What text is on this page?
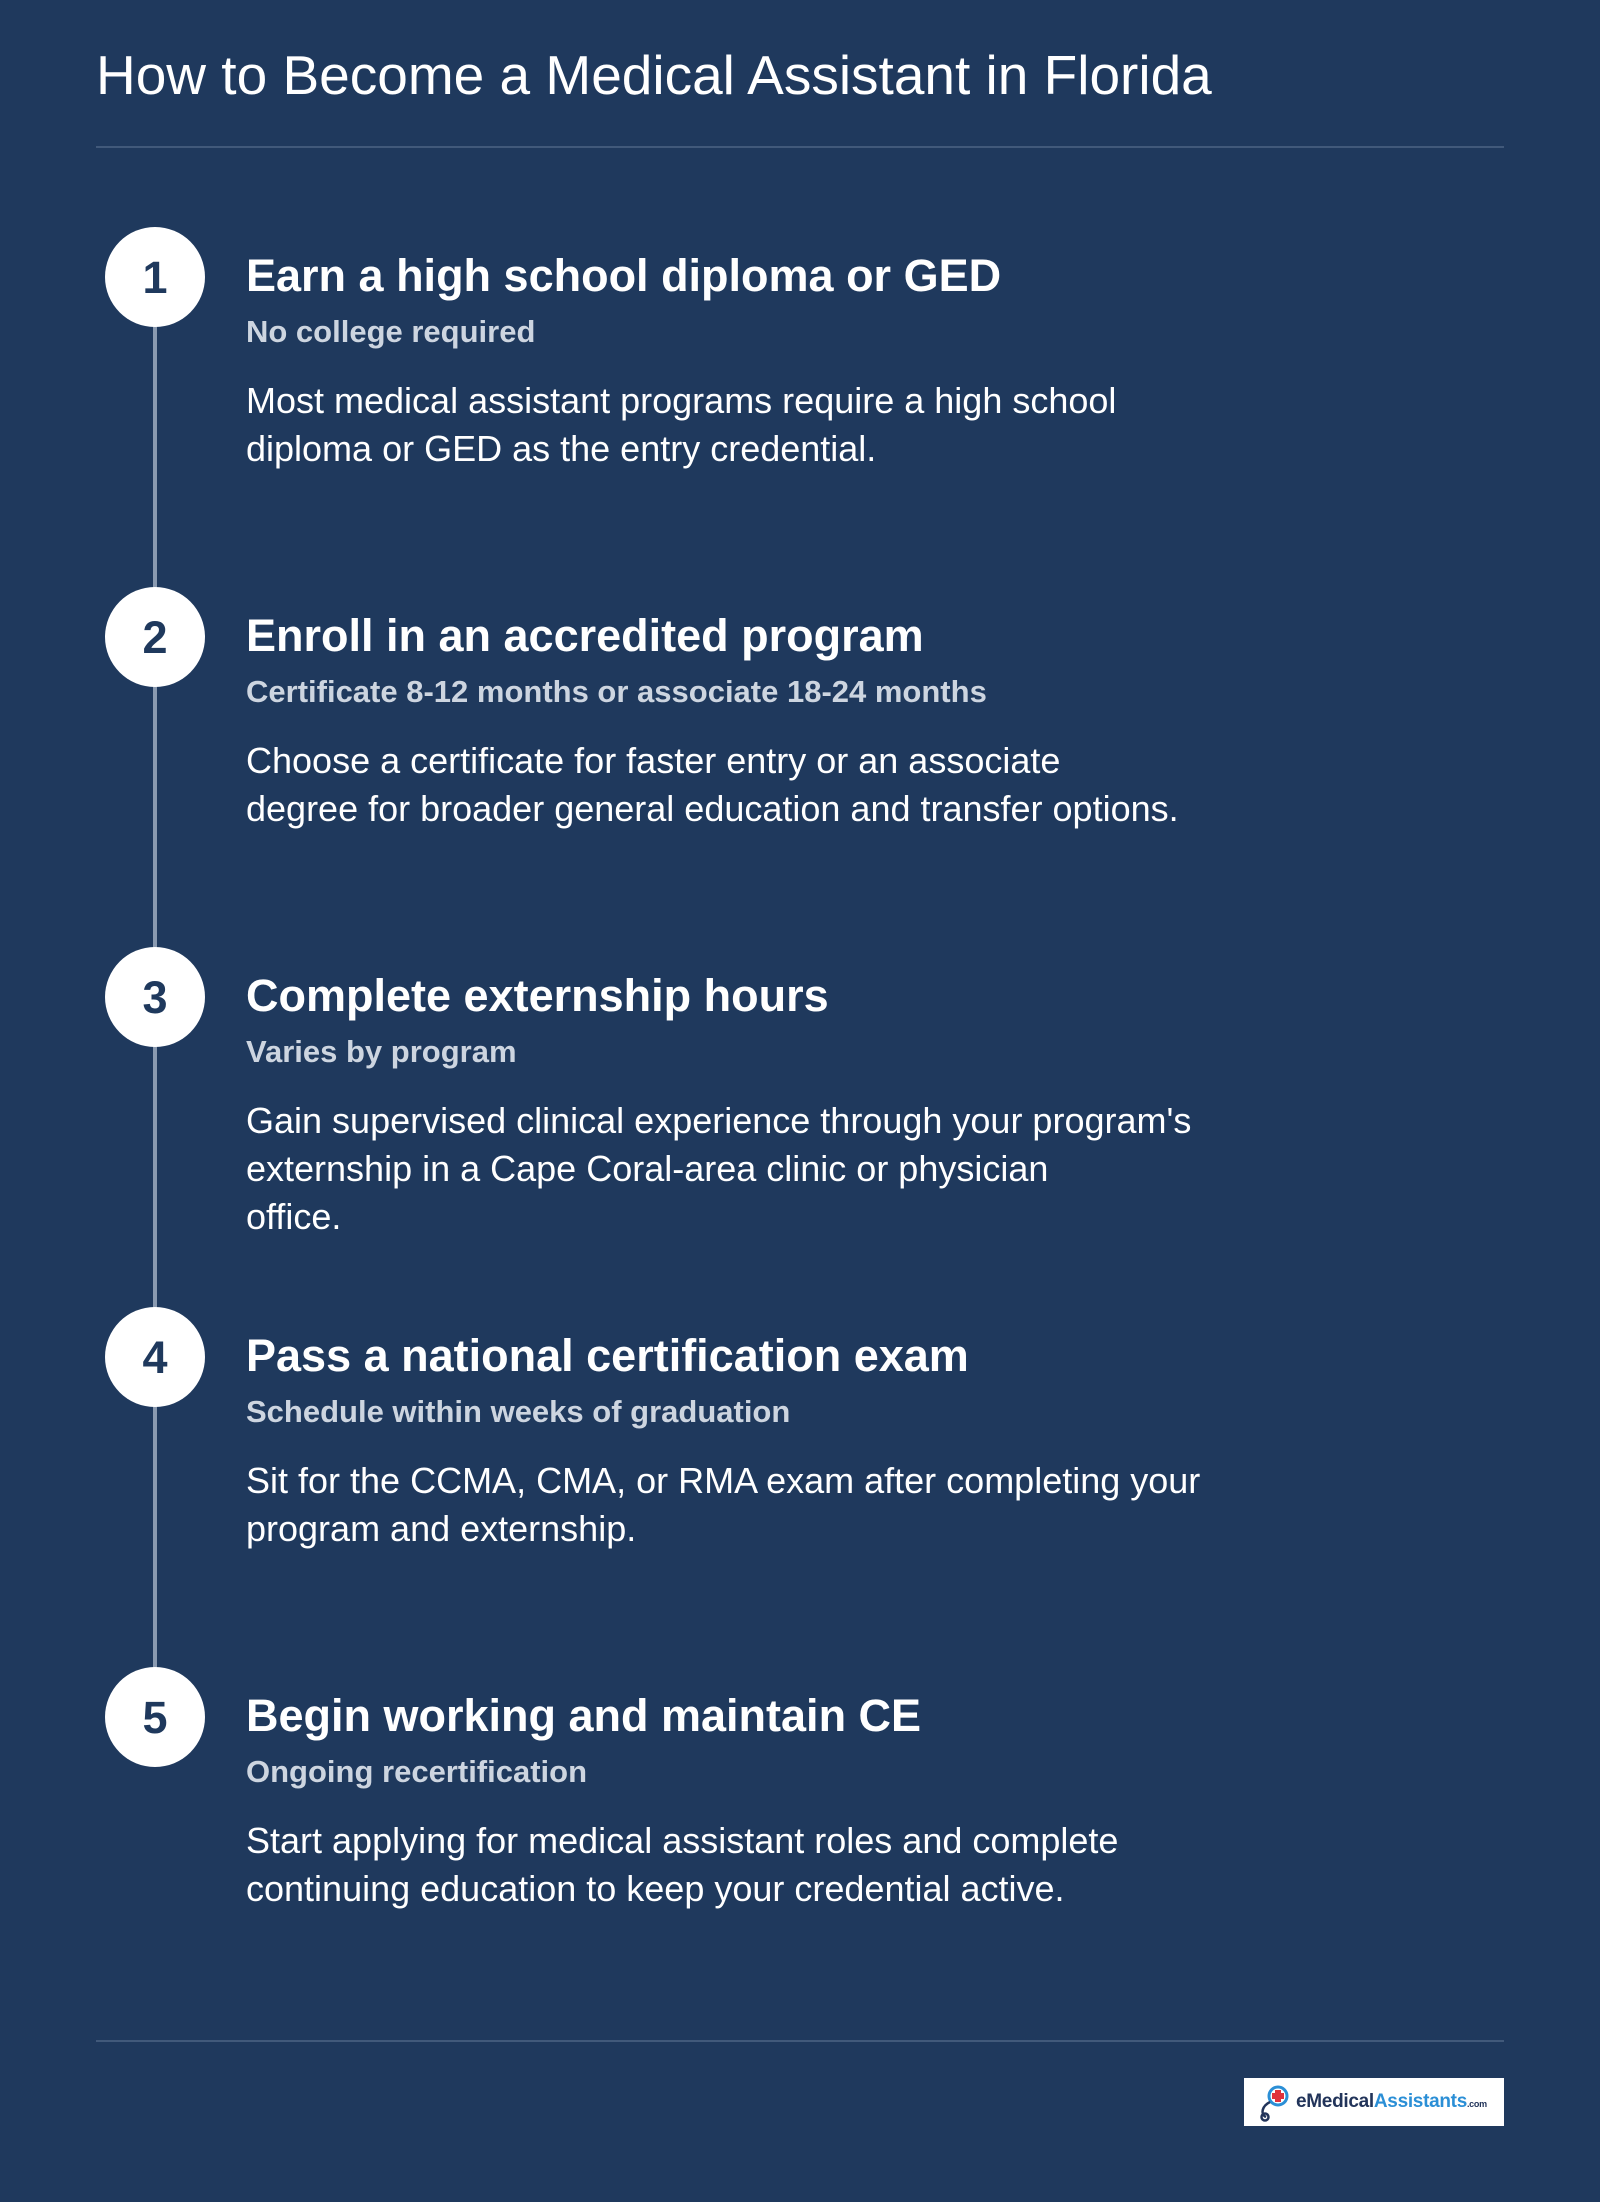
How to Become a Medical Assistant in Florida
1	Earn a high school diploma or GED
No college required

Most medical assistant programs require a high school
diploma or GED as the entry credential.

2	Enroll in an accredited program
Certificate 8-12 months or associate 18-24 months

Choose a certificate for faster entry or an associate
degree for broader general education and transfer options.

3	Complete externship hours
Varies by program

Gain supervised clinical experience through your program's
externship in a Cape Coral-area clinic or physician
office.

4	Pass a national certification exam
Schedule within weeks of graduation

Sit for the CCMA, CMA, or RMA exam after completing your
program and externship.

5	Begin working and maintain CE
Ongoing recertification

Start applying for medical assistant roles and complete
continuing education to keep your credential active.

eMedicalAssistants.com
